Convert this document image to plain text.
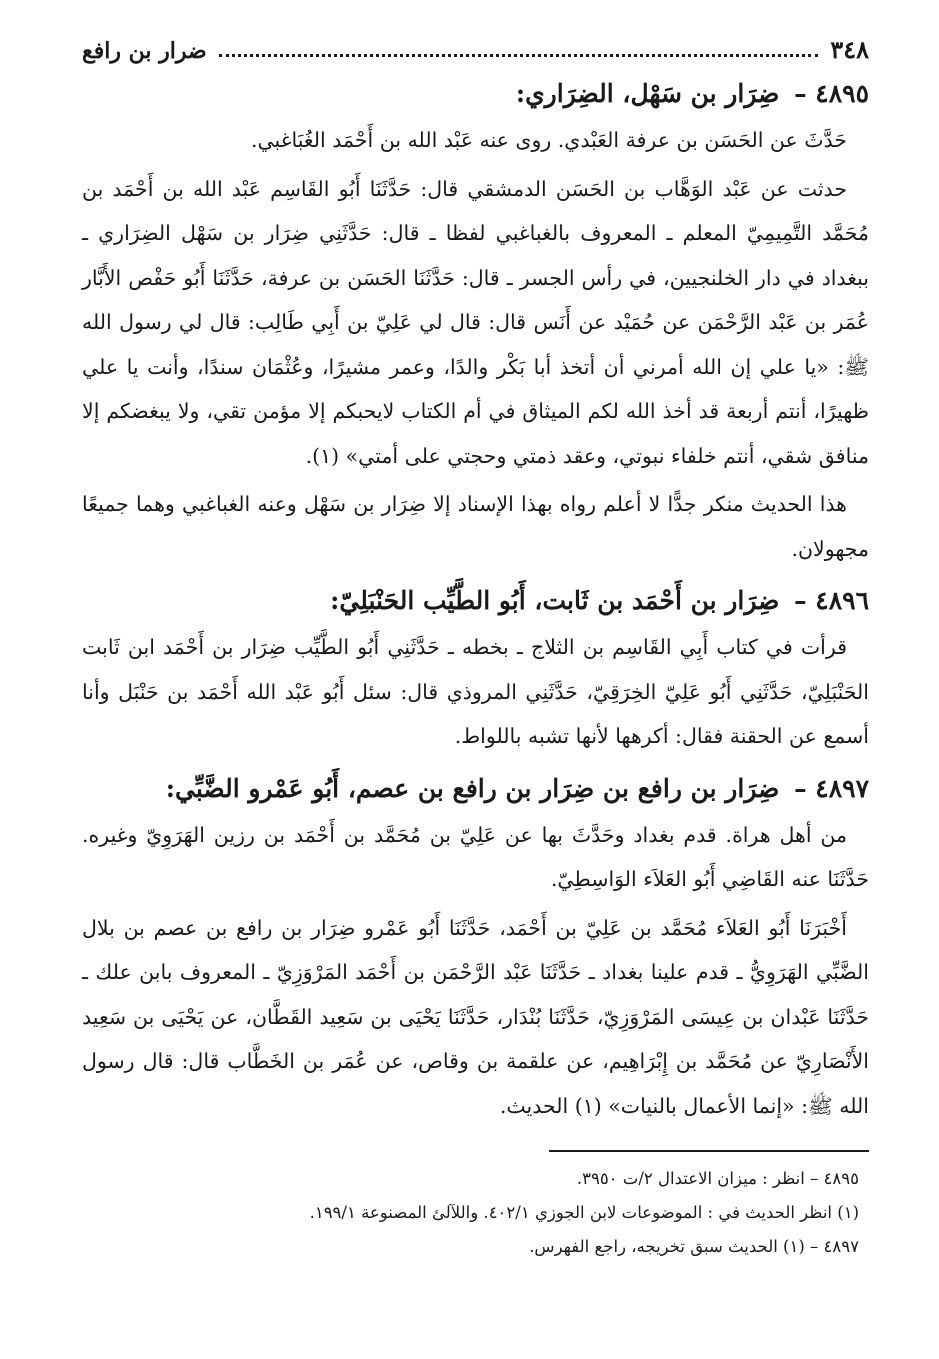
٣٤٨
ضرار بن رافع
٤٨٩٥ – ضِرَار بن سَهْل، الضِرَاري:

حَدَّثَ عن الحَسَن بن عرفة العَبْدي. روى عنه عَبْد الله بن أَحْمَد الغُبَاغبي.

حدثت عن عَبْد الوَهَّاب بن الحَسَن الدمشقي قال: حَدَّثَنَا أَبُو القَاسِم عَبْد الله بن أَحْمَد بن مُحَمَّد التَّمِيمِيّ المعلم ـ المعروف بالغباغبي لفظا ـ قال: حَدَّثَنِي ضِرَار بن سَهْل الضِرَاري ـ ببغداد في دار الخلنجيين، في رأس الجسر ـ قال: حَدَّثَنَا الحَسَن بن عرفة، حَدَّثَنَا أَبُو حَفْص الأَبَّار عُمَر بن عَبْد الرَّحْمَن عن حُمَيْد عن أَنَس قال: قال لي عَلِيّ بن أَبِي طَالِب: قال لي رسول الله ﷺ: «يا علي إن الله أمرني أن أتخذ أبا بَكْر والدًا، وعمر مشيرًا، وعُثْمَان سندًا، وأنت يا علي ظهيرًا، أنتم أربعة قد أخذ الله لكم الميثاق في أم الكتاب لايحبكم إلا مؤمن تقي، ولا يبغضكم إلا منافق شقي، أنتم خلفاء نبوتي، وعقد ذمتي وحجتي على أمتي» (١).

هذا الحديث منكر جدًّا لا أعلم رواه بهذا الإسناد إلا ضِرَار بن سَهْل وعنه الغباغبي وهما جميعًا مجهولان.

٤٨٩٦ – ضِرَار بن أَحْمَد بن ثَابت، أَبُو الطَّيِّب الحَنْبَلِيّ:

قرأت في كتاب أَبِي القَاسِم بن الثلاج ـ بخطه ـ حَدَّثَنِي أَبُو الطَّيِّب ضِرَار بن أَحْمَد ابن ثَابت الحَنْبَلِيّ، حَدَّثَنِي أَبُو عَلِيّ الخِرَقِيّ، حَدَّثَنِي المروذي قال: سئل أَبُو عَبْد الله أَحْمَد بن حَنْبَل وأنا أسمع عن الحقنة فقال: أكرهها لأنها تشبه باللواط.

٤٨٩٧ – ضِرَار بن رافع بن ضِرَار بن رافع بن عصم، أَبُو عَمْرو الضَّبِّي:

من أهل هراة. قدم بغداد وحَدَّثَ بها عن عَلِيّ بن مُحَمَّد بن أَحْمَد بن رزين الهَرَوِيّ وغيره. حَدَّثَنَا عنه القَاضِي أَبُو العَلاَء الوَاسِطِيّ.

أَخْبَرَنَا أَبُو العَلاَء مُحَمَّد بن عَلِيّ بن أَحْمَد، حَدَّثَنَا أَبُو عَمْرو ضِرَار بن رافع بن عصم بن بلال الضَّبِّي الهَرَوِيُّ ـ قدم علينا بغداد ـ حَدَّثَنَا عَبْد الرَّحْمَن بن أَحْمَد المَرْوَزِيّ ـ المعروف بابن علك ـ حَدَّثَنَا عَبْدان بن عِيسَى المَرْوَزِيّ، حَدَّثَنَا بُنْدَار، حَدَّثَنَا يَحْيَى بن سَعِيد القَطَّان، عن يَحْيَى بن سَعِيد الأَنْصَارِيّ عن مُحَمَّد بن إِبْرَاهِيم، عن علقمة بن وقاص، عن عُمَر بن الخَطَّاب قال: قال رسول الله ﷺ: «إنما الأعمال بالنيات» (١) الحديث.

٤٨٩٥ – انظر : ميزان الاعتدال ٢/ت ٣٩٥٠.

(١) انظر الحديث في : الموضوعات لابن الجوزي ٤٠٢/١. واللآلئ المصنوعة ١٩٩/١.

٤٨٩٧ – (١) الحديث سبق تخريجه، راجع الفهرس.
